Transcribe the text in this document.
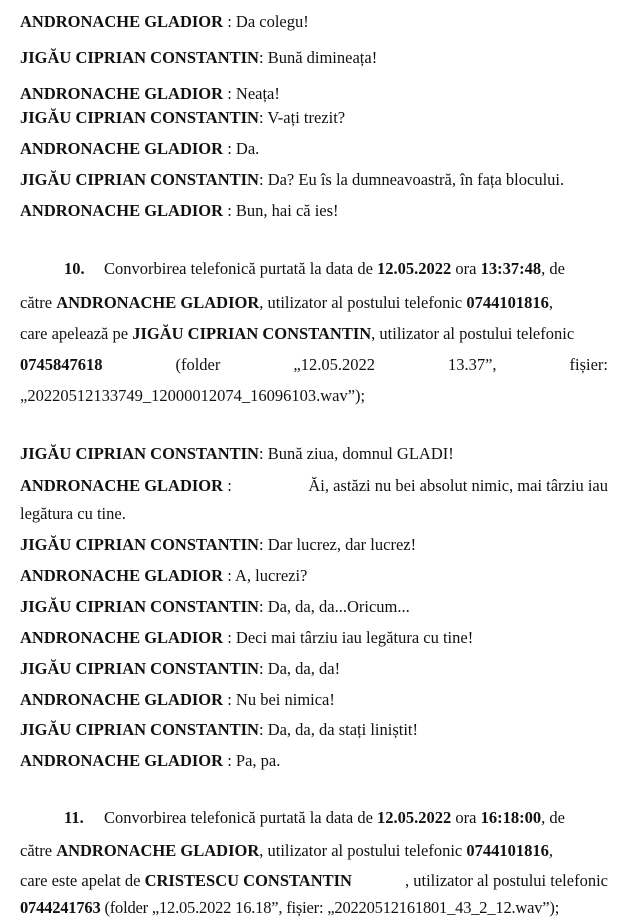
ANDRONACHE GLADIOR : Da colegu!
JIGĂU CIPRIAN CONSTANTIN: Bună dimineața!
ANDRONACHE GLADIOR : Neața!
JIGĂU CIPRIAN CONSTANTIN: V-ați trezit?
ANDRONACHE GLADIOR : Da.
JIGĂU CIPRIAN CONSTANTIN: Da? Eu îs la dumneavoastră, în fața blocului.
ANDRONACHE GLADIOR : Bun, hai că ies!
10. Convorbirea telefonică purtată la data de 12.05.2022 ora 13:37:48, de
către ANDRONACHE GLADIOR, utilizator al postului telefonic 0744101816,
care apelează pe JIGĂU CIPRIAN CONSTANTIN, utilizator al postului telefonic
0745847618	(folder	„12.05.2022	13.37”,	fișier:
„20220512133749_12000012074_16096103.wav”);
JIGĂU CIPRIAN CONSTANTIN: Bună ziua, domnul GLADI!
ANDRONACHE GLADIOR :	Ăi, astăzi nu bei absolut nimic, mai târziu iau
legătura cu tine.
JIGĂU CIPRIAN CONSTANTIN: Dar lucrez, dar lucrez!
ANDRONACHE GLADIOR : A, lucrezi?
JIGĂU CIPRIAN CONSTANTIN: Da, da, da...Oricum...
ANDRONACHE GLADIOR : Deci mai târziu iau legătura cu tine!
JIGĂU CIPRIAN CONSTANTIN: Da, da, da!
ANDRONACHE GLADIOR : Nu bei nimica!
JIGĂU CIPRIAN CONSTANTIN: Da, da, da stați liniștit!
ANDRONACHE GLADIOR : Pa, pa.
11. Convorbirea telefonică purtată la data de 12.05.2022 ora 16:18:00, de
către ANDRONACHE GLADIOR, utilizator al postului telefonic 0744101816,
care este apelat de CRISTESCU CONSTANTIN	, utilizator al postului telefonic
0744241763 (folder „12.05.2022 16.18”, fișier: „20220512161801_43_2_12.wav”);
